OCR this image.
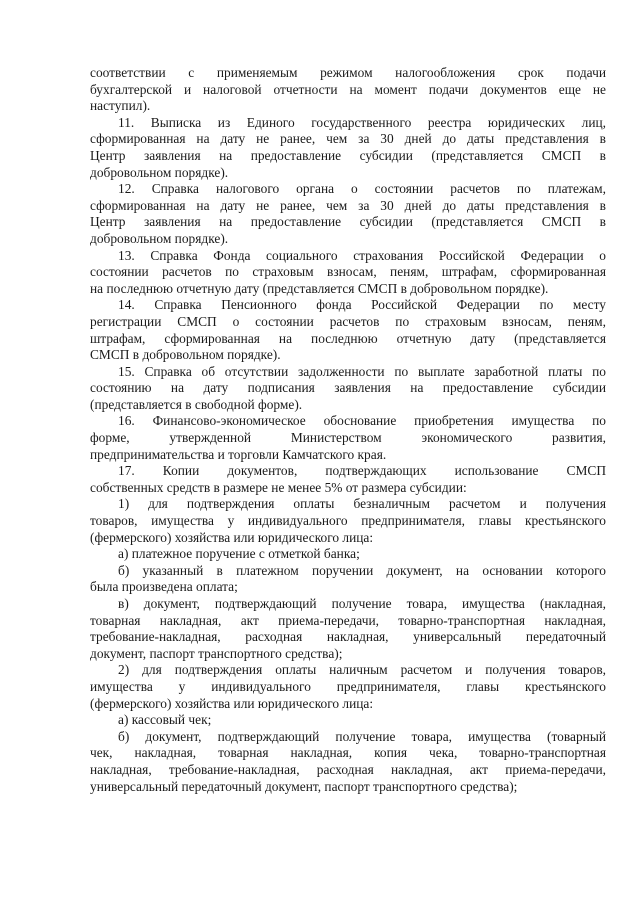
соответствии с применяемым режимом налогообложения срок подачи
бухгалтерской и налоговой отчетности на момент подачи документов еще не
наступил).
11. Выписка из Единого государственного реестра юридических лиц,
сформированная на дату не ранее, чем за 30 дней до даты представления в
Центр заявления на предоставление субсидии (представляется СМСП в
добровольном порядке).
12. Справка налогового органа о состоянии расчетов по платежам,
сформированная на дату не ранее, чем за 30 дней до даты представления в
Центр заявления на предоставление субсидии (представляется СМСП в
добровольном порядке).
13. Справка Фонда социального страхования Российской Федерации о
состоянии расчетов по страховым взносам, пеням, штрафам, сформированная
на последнюю отчетную дату (представляется СМСП в добровольном порядке).
14. Справка Пенсионного фонда Российской Федерации по месту
регистрации СМСП о состоянии расчетов по страховым взносам, пеням,
штрафам, сформированная на последнюю отчетную дату (представляется
СМСП в добровольном порядке).
15. Справка об отсутствии задолженности по выплате заработной платы по
состоянию на дату подписания заявления на предоставление субсидии
(представляется в свободной форме).
16. Финансово-экономическое обоснование приобретения имущества по
форме, утвержденной Министерством экономического развития,
предпринимательства и торговли Камчатского края.
17. Копии документов, подтверждающих использование СМСП
собственных средств в размере не менее 5% от размера субсидии:
1) для подтверждения оплаты безналичным расчетом и получения
товаров, имущества у индивидуального предпринимателя, главы крестьянского
(фермерского) хозяйства или юридического лица:
а) платежное поручение с отметкой банка;
б) указанный в платежном поручении документ, на основании которого
была произведена оплата;
в) документ, подтверждающий получение товара, имущества (накладная,
товарная накладная, акт приема-передачи, товарно-транспортная накладная,
требование-накладная, расходная накладная, универсальный передаточный
документ, паспорт транспортного средства);
2) для подтверждения оплаты наличным расчетом и получения товаров,
имущества у индивидуального предпринимателя, главы крестьянского
(фермерского) хозяйства или юридического лица:
а) кассовый чек;
б) документ, подтверждающий получение товара, имущества (товарный
чек, накладная, товарная накладная, копия чека, товарно-транспортная
накладная, требование-накладная, расходная накладная, акт приема-передачи,
универсальный передаточный документ, паспорт транспортного средства);
